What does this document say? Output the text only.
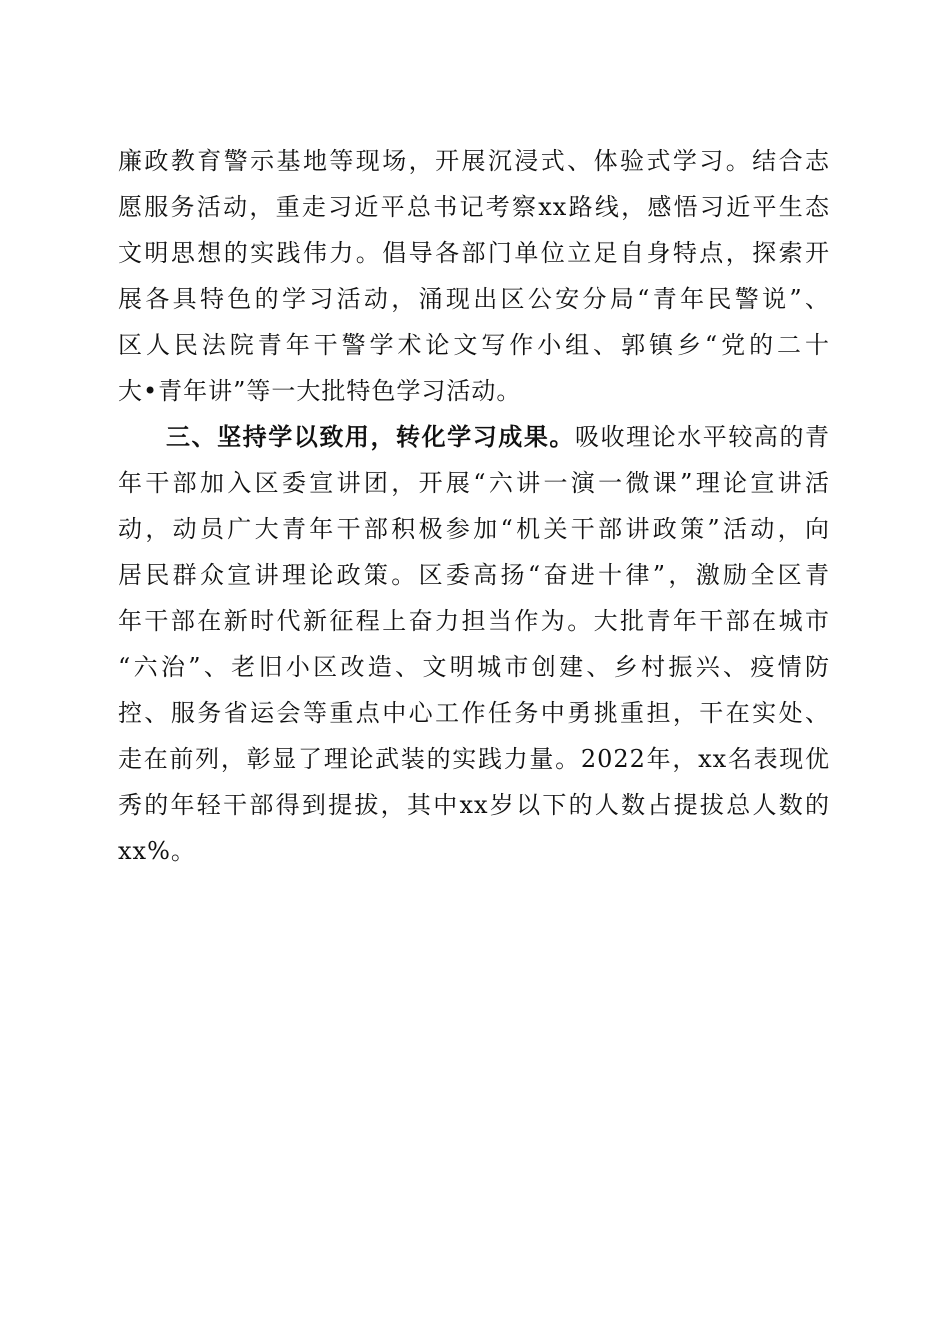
廉政教育警示基地等现场，开展沉浸式、体验式学习。结合志
愿服务活动，重走习近平总书记考察xx路线，感悟习近平生态
文明思想的实践伟力。倡导各部门单位立足自身特点，探索开
展各具特色的学习活动，涌现出区公安分局“青年民警说”、
区人民法院青年干警学术论文写作小组、郭镇乡“党的二十
大•青年讲”等一大批特色学习活动。
三、坚持学以致用，转化学习成果。吸收理论水平较高的青
年干部加入区委宣讲团，开展“六讲一演一微课”理论宣讲活
动，动员广大青年干部积极参加“机关干部讲政策”活动，向
居民群众宣讲理论政策。区委高扬“奋进十律”，激励全区青
年干部在新时代新征程上奋力担当作为。大批青年干部在城市
“六治”、老旧小区改造、文明城市创建、乡村振兴、疫情防
控、服务省运会等重点中心工作任务中勇挑重担，干在实处、
走在前列，彰显了理论武装的实践力量。2022年，xx名表现优
秀的年轻干部得到提拔，其中xx岁以下的人数占提拔总人数的
xx%。
